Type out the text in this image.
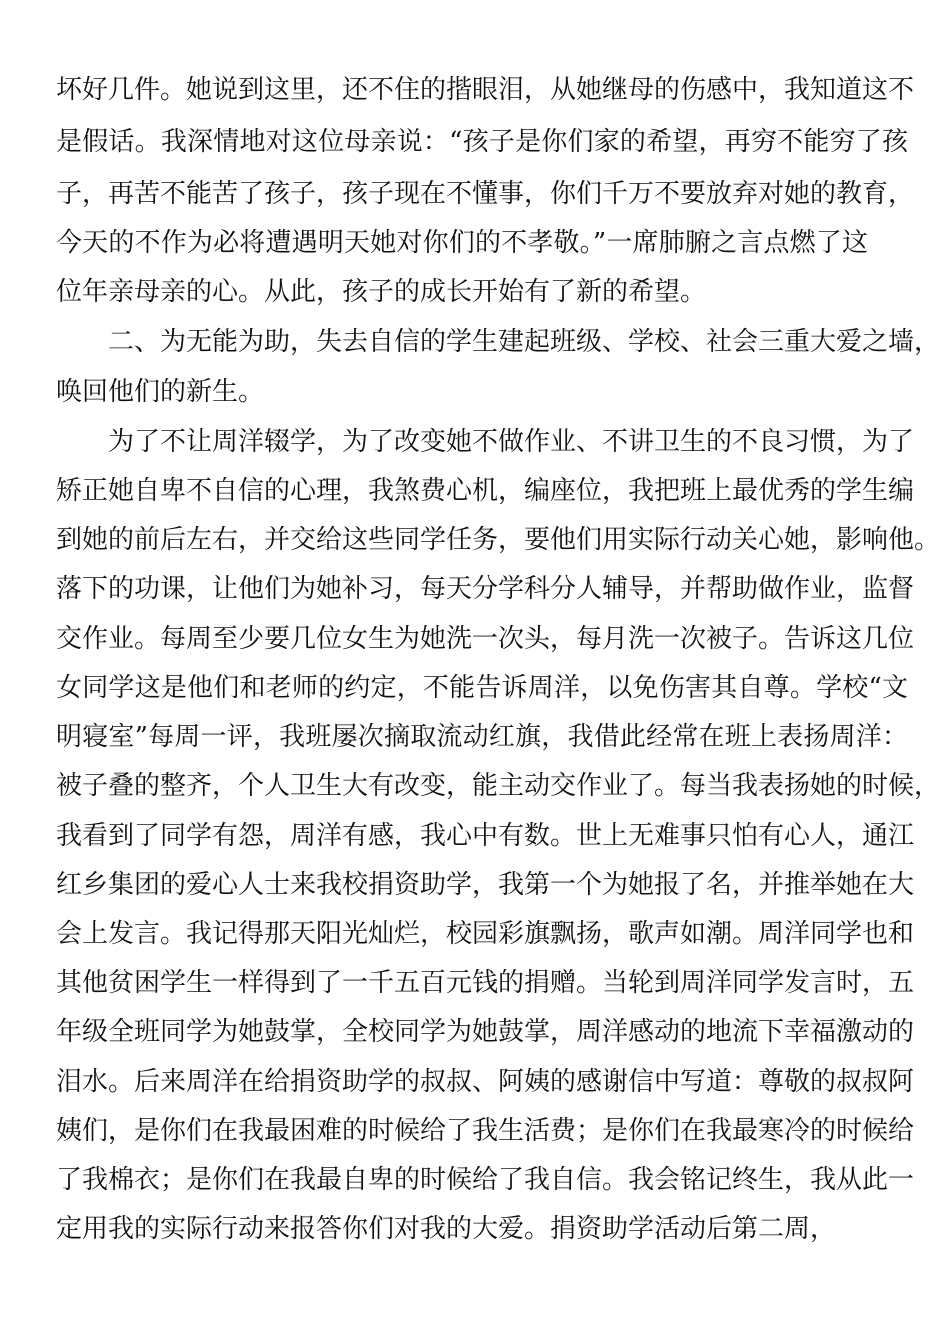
坏好几件。她说到这里，还不住的揩眼泪，从她继母的伤感中，我知道这不
是假话。我深情地对这位母亲说：“孩子是你们家的希望，再穷不能穷了孩
子，再苦不能苦了孩子，孩子现在不懂事，你们千万不要放弃对她的教育，
今天的不作为必将遭遇明天她对你们的不孝敬。”一席肺腑之言点燃了这
位年亲母亲的心。从此，孩子的成长开始有了新的希望。
二、为无能为助，失去自信的学生建起班级、学校、社会三重大爱之墙，
唤回他们的新生。
为了不让周洋辍学，为了改变她不做作业、不讲卫生的不良习惯，为了
矫正她自卑不自信的心理，我煞费心机，编座位，我把班上最优秀的学生编
到她的前后左右，并交给这些同学任务，要他们用实际行动关心她，影响他。
落下的功课，让他们为她补习，每天分学科分人辅导，并帮助做作业，监督
交作业。每周至少要几位女生为她洗一次头，每月洗一次被子。告诉这几位
女同学这是他们和老师的约定，不能告诉周洋，以免伤害其自尊。学校“文
明寝室”每周一评，我班屡次摘取流动红旗，我借此经常在班上表扬周洋：
被子叠的整齐，个人卫生大有改变，能主动交作业了。每当我表扬她的时候，
我看到了同学有怨，周洋有感，我心中有数。世上无难事只怕有心人，通江
红乡集团的爱心人士来我校捐资助学，我第一个为她报了名，并推举她在大
会上发言。我记得那天阳光灿烂，校园彩旗飘扬，歌声如潮。周洋同学也和
其他贫困学生一样得到了一千五百元钱的捐赠。当轮到周洋同学发言时，五
年级全班同学为她鼓掌，全校同学为她鼓掌，周洋感动的地流下幸福激动的
泪水。后来周洋在给捐资助学的叔叔、阿姨的感谢信中写道：尊敬的叔叔阿
姨们，是你们在我最困难的时候给了我生活费；是你们在我最寒冷的时候给
了我棉衣；是你们在我最自卑的时候给了我自信。我会铭记终生，我从此一
定用我的实际行动来报答你们对我的大爱。捐资助学活动后第二周，
